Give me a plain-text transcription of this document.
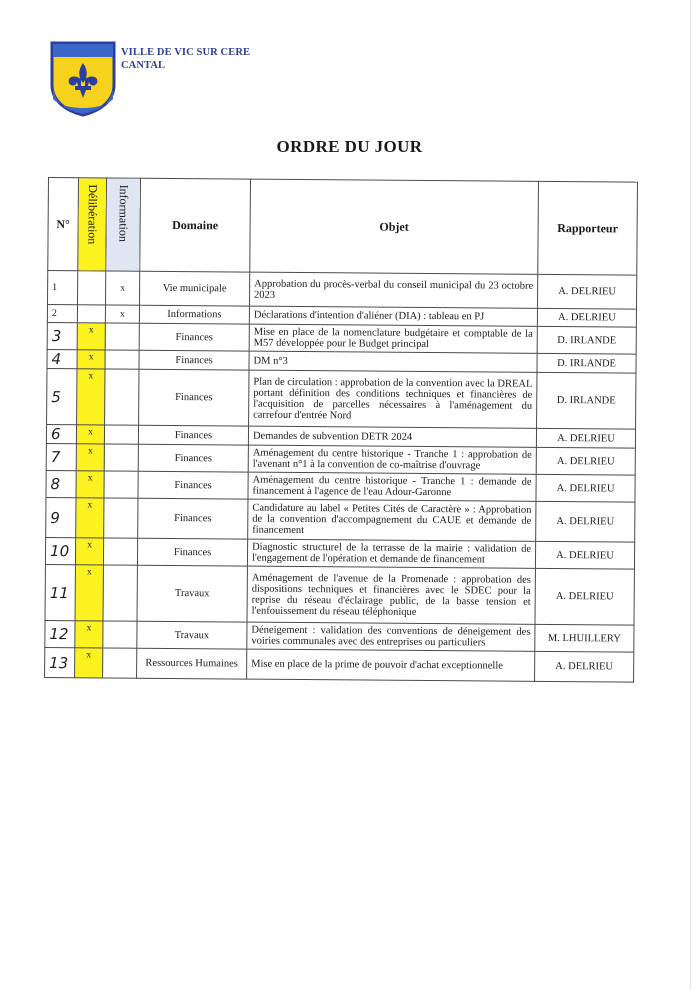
VILLE DE VIC SUR CERE
CANTAL
ORDRE DU JOUR
N°	Délibération	Information	Domaine	Objet	Rapporteur
1		x	Vie municipale	Approbation du procès-verbal du conseil municipal du 23 octobre 2023	A. DELRIEU
2		x	Informations	Déclarations d'intention d'aliéner (DIA) : tableau en PJ	A. DELRIEU
3	x		Finances	Mise en place de la nomenclature budgétaire et comptable de la M57 développée pour le Budget principal	D. IRLANDE
4	x		Finances	DM n°3	D. IRLANDE
5	x		Finances	Plan de circulation : approbation de la convention avec la DREAL portant définition des conditions techniques et financières de l'acquisition de parcelles nécessaires à l'aménagement du carrefour d'entrée Nord	D. IRLANDE
6	x		Finances	Demandes de subvention DETR 2024	A. DELRIEU
7	x		Finances	Aménagement du centre historique - Tranche 1 : approbation de l'avenant n°1 à la convention de co-maîtrise d'ouvrage	A. DELRIEU
8	x		Finances	Aménagement du centre historique - Tranche 1 : demande de financement à l'agence de l'eau Adour-Garonne	A. DELRIEU
9	x		Finances	Candidature au label « Petites Cités de Caractère » : Approbation de la convention d'accompagnement du CAUE et demande de financement	A. DELRIEU
10	x		Finances	Diagnostic structurel de la terrasse de la mairie : validation de l'engagement de l'opération et demande de financement	A. DELRIEU
11	x		Travaux	Aménagement de l'avenue de la Promenade : approbation des dispositions techniques et financières avec le SDEC pour la reprise du réseau d'éclairage public, de la basse tension et l'enfouissement du réseau téléphonique	A. DELRIEU
12	x		Travaux	Déneigement : validation des conventions de déneigement des voiries communales avec des entreprises ou particuliers	M. LHUILLERY
13	x		Ressources Humaines	Mise en place de la prime de pouvoir d'achat exceptionnelle	A. DELRIEU
